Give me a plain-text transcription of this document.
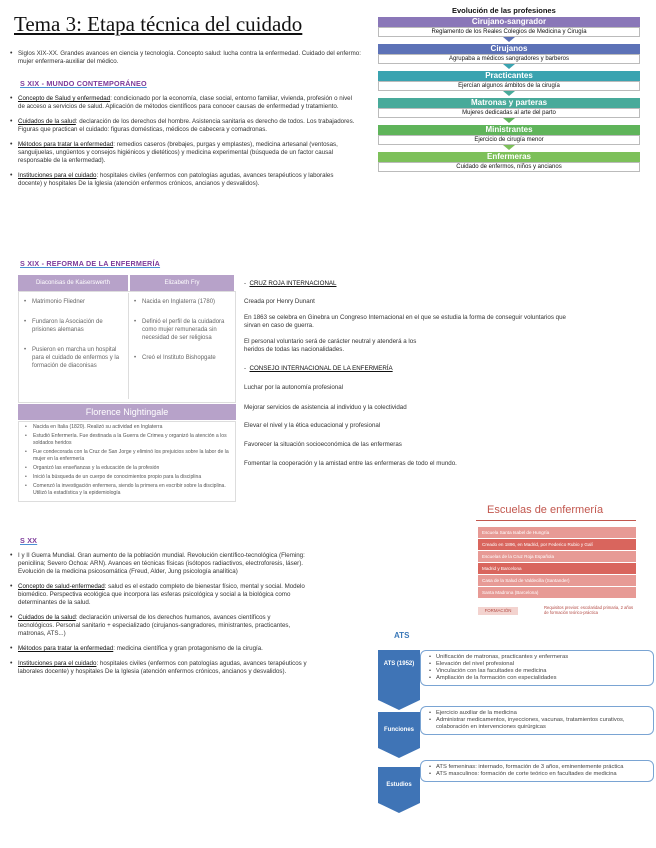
Tema 3: Etapa técnica del cuidado
• Siglos XIX-XX. Grandes avances en ciencia y tecnología. Concepto salud: lucha contra la enfermedad. Cuidado del enfermo: mujer enfermera-auxiliar del médico.
S XIX - MUNDO CONTEMPORÁNEO
• Concepto de Salud y enfermedad: condicionado por la economía, clase social, entorno familiar, vivienda, profesión o nivel de acceso a servicios de salud. Aplicación de métodos científicos para conocer causas de enfermedad y tratamiento.
• Cuidados de la salud: declaración de los derechos del hombre. Asistencia sanitaria es derecho de todos. Los trabajadores. Figuras que practican el cuidado: figuras domésticas, médicos de cabecera y comadronas.
• Métodos para tratar la enfermedad: remedios caseros (brebajes, purgas y emplastes), medicina artesanal (ventosas, sanguijuelas, ungüentos y consejos higiénicos y dietéticos) y medicina experimental (búsqueda de un factor causal responsable de la enfermedad).
• Instituciones para el cuidado: hospitales civiles (enfermos con patologías agudas, avances terapéuticos y laborales docente) y hospitales De la Iglesia (atención enfermos crónicos, ancianos y desvalidos).
Evolución de las profesiones
Cirujano-sangrador
Reglamento de los Reales Colegios de Medicina y Cirugía
Cirujanos
Agrupaba a médicos sangradores y barberos
Practicantes
Ejercían algunos ámbitos de la cirugía
Matronas y parteras
Mujeres dedicadas al arte del parto
Ministrantes
Ejercicio de cirugía menor
Enfermeras
Cuidado de enfermos, niños y ancianos
S XIX - REFORMA DE LA ENFERMERÍA
Diaconisas de Kaiserswerth	Elizabeth Fry
• Matrimonio Fliedner
• Fundaron la Asociación de prisiones alemanas
• Pusieron en marcha un hospital para el cuidado de enfermos y la formación de diaconisas
• Nacida en Inglaterra (1780)
• Definió el perfil de la cuidadora como mujer remunerada sin necesidad de ser religiosa
• Creó el Instituto Bishopgate
Florence Nightingale
• Nacida en Italia (1820). Realizó su actividad en Inglaterra
• Estudió Enfermería. Fue destinada a la Guerra de Crimea y organizó la atención a los soldados heridos
• Fue condecorada con la Cruz de San Jorge y eliminó los prejuicios sobre la labor de la mujer en la enfermería
• Organizó las enseñanzas y la educación de la profesión
• Inició la búsqueda de un cuerpo de conocimientos propio para la disciplina
• Comenzó la investigación enfermera, siendo la primera en escribir sobre la disciplina. Utilizó la estadística y la epidemiología
-  CRUZ ROJA INTERNACIONAL
Creada por Henry Dunant
En 1863 se celebra en Ginebra un Congreso Internacional en el que se estudia la forma de conseguir voluntarios que sirvan en caso de guerra.
El personal voluntario será de carácter neutral y atenderá a los heridos de todas las nacionalidades.
-  CONSEJO INTERNACIONAL DE LA ENFERMERÍA
Luchar por la autonomía profesional
Mejorar servicios de asistencia al individuo y la colectividad
Elevar el nivel y la ética educacional y profesional
Favorecer la situación socioeconómica de las enfermeras
Fomentar la cooperación y la amistad entre las enfermeras de todo el mundo.
Escuelas de enfermería
Escuela Santa Isabel de Hungría
Creado en 1896, en Madrid, por Federico Rubio y Galí
Escuelas de la Cruz Roja Española
Madrid y Barcelona
Casa de la Salud de Valdecilla (Santander)
Santa Madrona (Barcelona)
FORMACIÓN
Requisitos previos: escolaridad primaria, 2 años de formación teórico-práctica
S XX
• I y II Guerra Mundial. Gran aumento de la población mundial. Revolución científico-tecnológica (Fleming: penicilina; Severo Ochoa: ARN). Avances en técnicas físicas (isótopos radiactivos, electroforesis, láser). Evolución de la medicina psicosomática (Freud, Alder, Jung psicología analítica)
• Concepto de salud-enfermedad: salud es el estado completo de bienestar físico, mental y social. Modelo biomédico. Perspectiva ecológica que incorpora las esferas psicológica y social a la biológica como determinantes de la salud.
• Cuidados de la salud: declaración universal de los derechos humanos, avances científicos y tecnológicos. Personal sanitario + especializado (cirujanos-sangradores, ministrantes, practicantes, matronas, ATS...)
• Métodos para tratar la enfermedad: medicina científica y gran protagonismo de la cirugía.
• Instituciones para el cuidado: hospitales civiles (enfermos con patologías agudas, avances terapéuticos y laborales docente) y hospitales De la Iglesia (atención enfermos crónicos, ancianos y desvalidos).
ATS
ATS (1952)
• Unificación de matronas, practicantes y enfermeras
• Elevación del nivel profesional
• Vinculación con las facultades de medicina
• Ampliación de la formación con especialidades
Funciones
• Ejercicio auxiliar de la medicina
• Administrar medicamentos, inyecciones, vacunas, tratamientos curativos, colaboración en intervenciones quirúrgicas
Estudios
• ATS femeninas: internado, formación de 3 años, eminentemente práctica
• ATS masculinos: formación de corte teórico en facultades de medicina
